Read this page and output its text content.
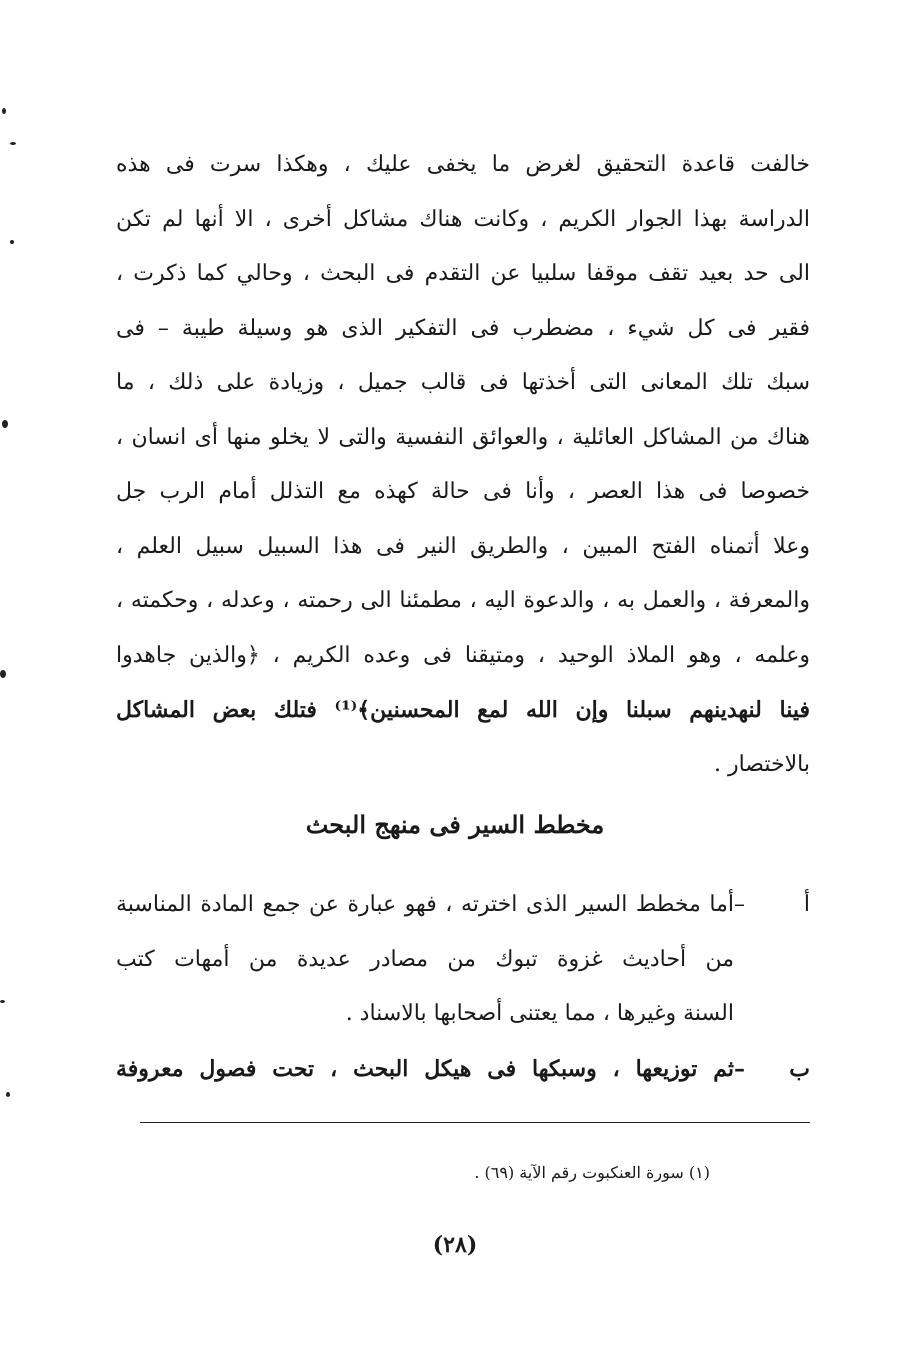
خالفت قاعدة التحقيق لغرض ما يخفى عليك ، وهكذا سرت فى هذه
الدراسة بهذا الجوار الكريم ، وكانت هناك مشاكل أخرى ، الا أنها لم تكن
الى حد بعيد تقف موقفا سلبيا عن التقدم فى البحث ، وحالي كما ذكرت ،
فقير فى كل شيء ، مضطرب فى التفكير الذى هو وسيلة طيبة – فى
سبك تلك المعانى التى أخذتها فى قالب جميل ، وزيادة على ذلك ، ما
هناك من المشاكل العائلية ، والعوائق النفسية والتى لا يخلو منها أى انسان ،
خصوصا فى هذا العصر ، وأنا فى حالة كهذه مع التذلل أمام الرب جل
وعلا أتمناه الفتح المبين ، والطريق النير فى هذا السبيل سبيل العلم ،
والمعرفة ، والعمل به ، والدعوة اليه ، مطمئنا الى رحمته ، وعدله ، وحكمته ،
وعلمه ، وهو الملاذ الوحيد ، ومتيقنا فى وعده الكريم ، ﴿والذين جاهدوا
فينا لنهدينهم سبلنا وإن الله لمع المحسنين﴾⁽¹⁾ فتلك بعض المشاكل
بالاختصار .
مخطط السير فى منهج البحث
أ –أما مخطط السير الذى اخترته ، فهو عبارة عن جمع المادة المناسبة
من أحاديث غزوة تبوك من مصادر عديدة من أمهات كتب
السنة وغيرها ، مما يعتنى أصحابها بالاسناد .
ب –ثم توزيعها ، وسبكها فى هيكل البحث ، تحت فصول معروفة
(١) سورة العنكبوت رقم الآية (٦٩) .
(٢٨)
